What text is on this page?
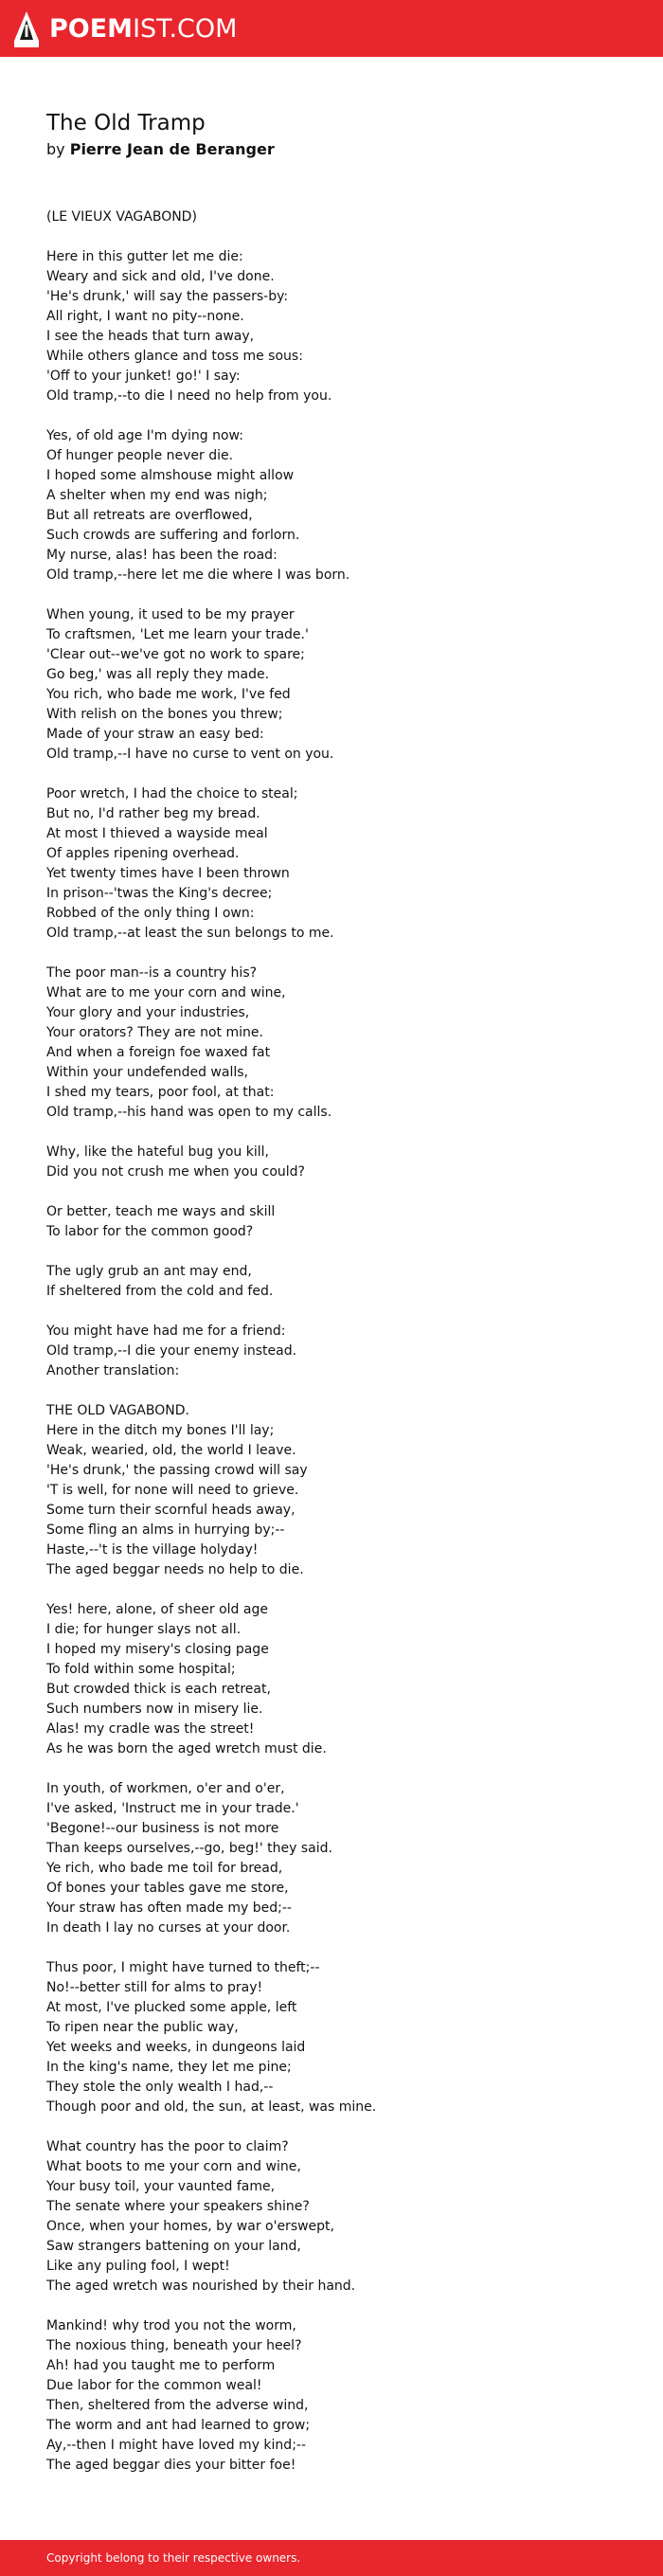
POEMIST.COM
The Old Tramp
by Pierre Jean de Beranger
(LE VIEUX VAGABOND)
Here in this gutter let me die:
Weary and sick and old, I've done.
'He's drunk,' will say the passers-by:
All right, I want no pity--none.
I see the heads that turn away,
While others glance and toss me sous:
'Off to your junket! go!' I say:
Old tramp,--to die I need no help from you.
Yes, of old age I'm dying now:
Of hunger people never die.
I hoped some almshouse might allow
A shelter when my end was nigh;
But all retreats are overflowed,
Such crowds are suffering and forlorn.
My nurse, alas! has been the road:
Old tramp,--here let me die where I was born.
When young, it used to be my prayer
To craftsmen, 'Let me learn your trade.'
'Clear out--we've got no work to spare;
Go beg,' was all reply they made.
You rich, who bade me work, I've fed
With relish on the bones you threw;
Made of your straw an easy bed:
Old tramp,--I have no curse to vent on you.
Poor wretch, I had the choice to steal;
But no, I'd rather beg my bread.
At most I thieved a wayside meal
Of apples ripening overhead.
Yet twenty times have I been thrown
In prison--'twas the King's decree;
Robbed of the only thing I own:
Old tramp,--at least the sun belongs to me.
The poor man--is a country his?
What are to me your corn and wine,
Your glory and your industries,
Your orators? They are not mine.
And when a foreign foe waxed fat
Within your undefended walls,
I shed my tears, poor fool, at that:
Old tramp,--his hand was open to my calls.
Why, like the hateful bug you kill,
Did you not crush me when you could?
Or better, teach me ways and skill
To labor for the common good?
The ugly grub an ant may end,
If sheltered from the cold and fed.
You might have had me for a friend:
Old tramp,--I die your enemy instead.
Another translation:
THE OLD VAGABOND.
Here in the ditch my bones I'll lay;
Weak, wearied, old, the world I leave.
'He's drunk,' the passing crowd will say
'T is well, for none will need to grieve.
Some turn their scornful heads away,
Some fling an alms in hurrying by;--
Haste,--'t is the village holyday!
The aged beggar needs no help to die.
Yes! here, alone, of sheer old age
I die; for hunger slays not all.
I hoped my misery's closing page
To fold within some hospital;
But crowded thick is each retreat,
Such numbers now in misery lie.
Alas! my cradle was the street!
As he was born the aged wretch must die.
In youth, of workmen, o'er and o'er,
I've asked, 'Instruct me in your trade.'
'Begone!--our business is not more
Than keeps ourselves,--go, beg!' they said.
Ye rich, who bade me toil for bread,
Of bones your tables gave me store,
Your straw has often made my bed;--
In death I lay no curses at your door.
Thus poor, I might have turned to theft;--
No!--better still for alms to pray!
At most, I've plucked some apple, left
To ripen near the public way,
Yet weeks and weeks, in dungeons laid
In the king's name, they let me pine;
They stole the only wealth I had,--
Though poor and old, the sun, at least, was mine.
What country has the poor to claim?
What boots to me your corn and wine,
Your busy toil, your vaunted fame,
The senate where your speakers shine?
Once, when your homes, by war o'erswept,
Saw strangers battening on your land,
Like any puling fool, I wept!
The aged wretch was nourished by their hand.
Mankind! why trod you not the worm,
The noxious thing, beneath your heel?
Ah! had you taught me to perform
Due labor for the common weal!
Then, sheltered from the adverse wind,
The worm and ant had learned to grow;
Ay,--then I might have loved my kind;--
The aged beggar dies your bitter foe!
Copyright belong to their respective owners.
